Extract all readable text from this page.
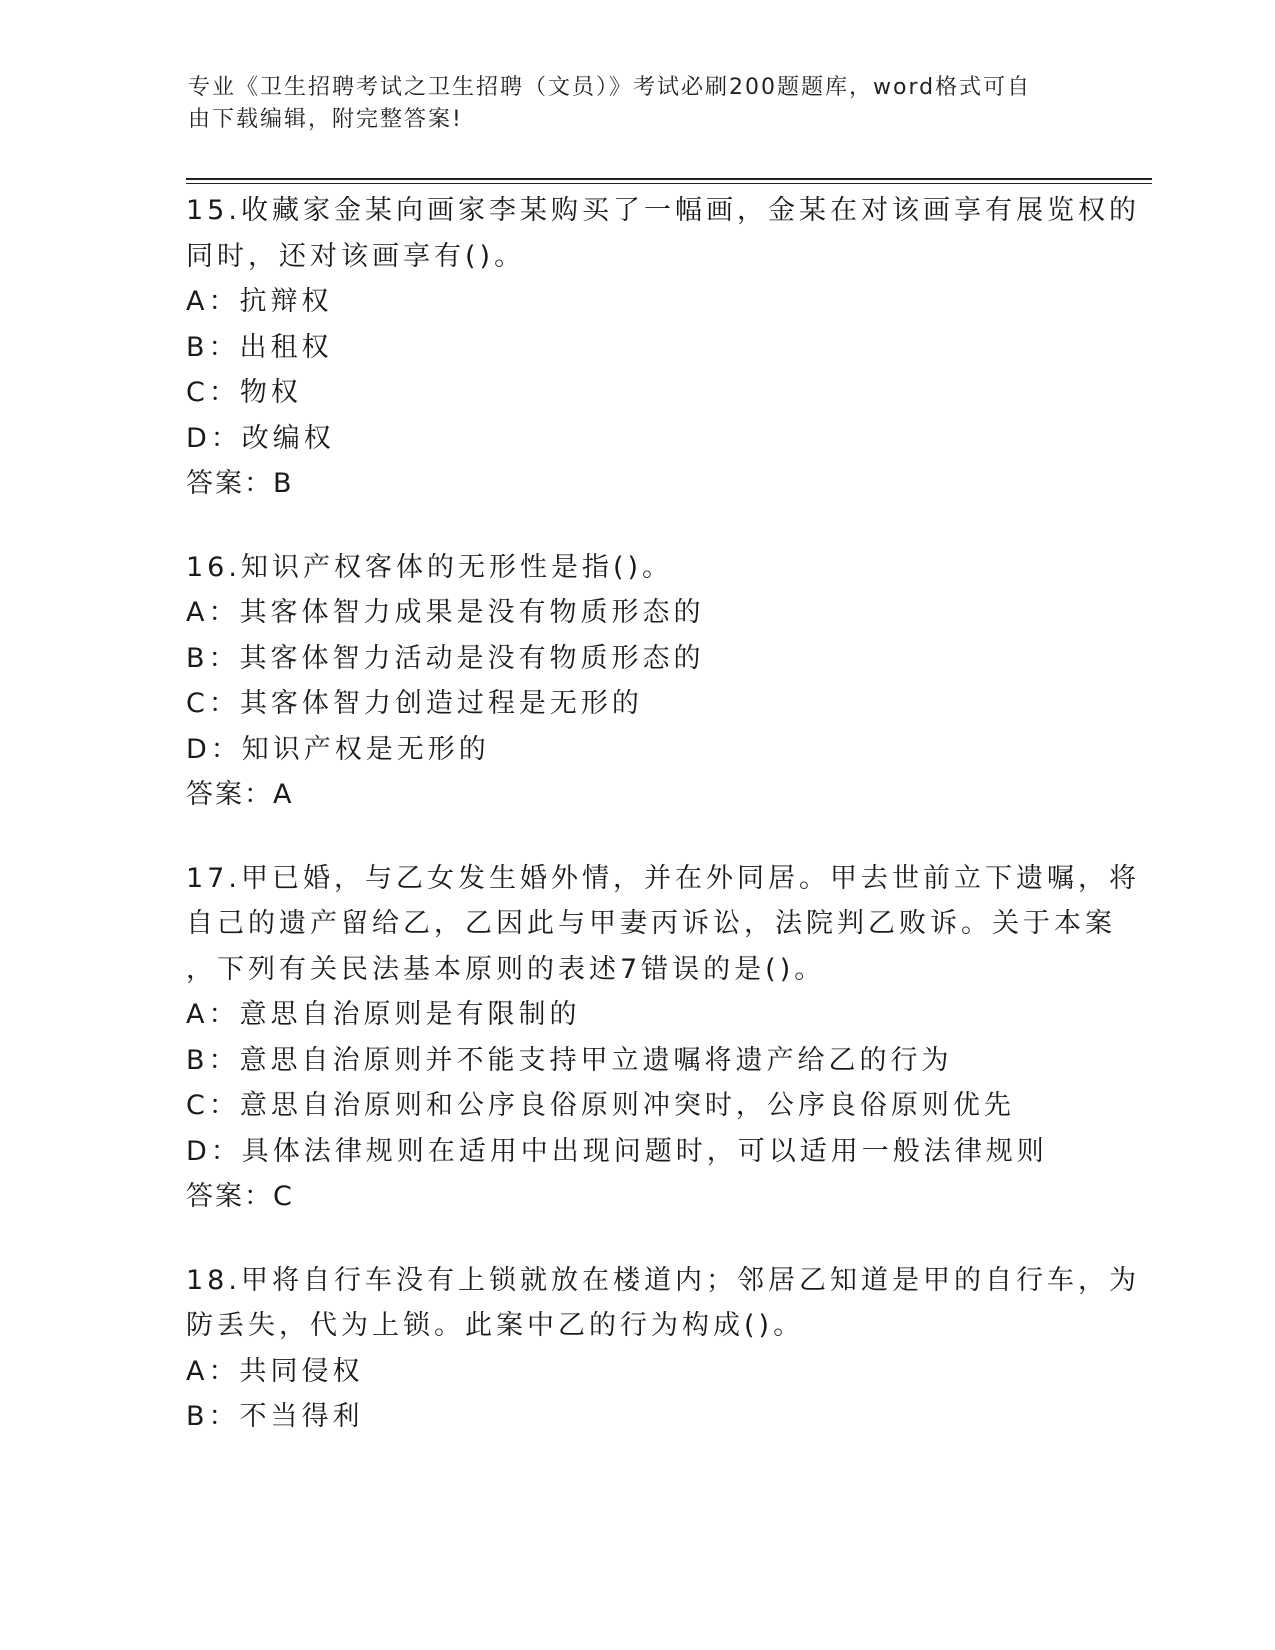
专业《卫生招聘考试之卫生招聘（文员）》考试必刷200题题库，word格式可自
由下载编辑，附完整答案!
15.收藏家金某向画家李某购买了一幅画，金某在对该画享有展览权的
同时，还对该画享有()。
A：抗辩权
B：出租权
C：物权
D：改编权
答案：B
16.知识产权客体的无形性是指()。
A：其客体智力成果是没有物质形态的
B：其客体智力活动是没有物质形态的
C：其客体智力创造过程是无形的
D：知识产权是无形的
答案：A
17.甲已婚，与乙女发生婚外情，并在外同居。甲去世前立下遗嘱，将
自己的遗产留给乙，乙因此与甲妻丙诉讼，法院判乙败诉。关于本案
，下列有关民法基本原则的表述7错误的是()。
A：意思自治原则是有限制的
B：意思自治原则并不能支持甲立遗嘱将遗产给乙的行为
C：意思自治原则和公序良俗原则冲突时，公序良俗原则优先
D：具体法律规则在适用中出现问题时，可以适用一般法律规则
答案：C
18.甲将自行车没有上锁就放在楼道内；邻居乙知道是甲的自行车，为
防丢失，代为上锁。此案中乙的行为构成()。
A：共同侵权
B：不当得利
